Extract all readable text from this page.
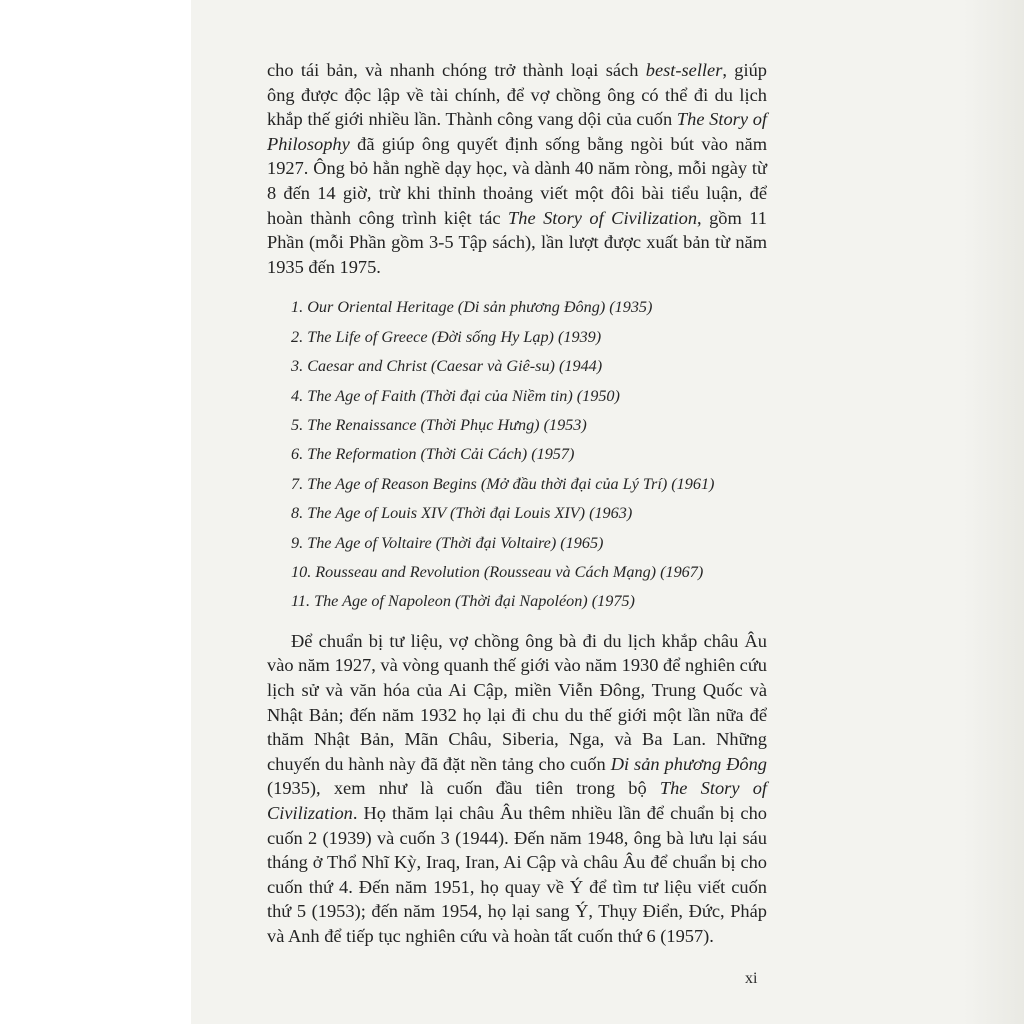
cho tái bản, và nhanh chóng trở thành loại sách best-seller, giúp ông được độc lập về tài chính, để vợ chồng ông có thể đi du lịch khắp thế giới nhiều lần. Thành công vang dội của cuốn The Story of Philosophy đã giúp ông quyết định sống bằng ngòi bút vào năm 1927. Ông bỏ hẳn nghề dạy học, và dành 40 năm ròng, mỗi ngày từ 8 đến 14 giờ, trừ khi thỉnh thoảng viết một đôi bài tiểu luận, để hoàn thành công trình kiệt tác The Story of Civilization, gồm 11 Phần (mỗi Phần gồm 3-5 Tập sách), lần lượt được xuất bản từ năm 1935 đến 1975.

1. Our Oriental Heritage (Di sản phương Đông) (1935)
2. The Life of Greece (Đời sống Hy Lạp) (1939)
3. Caesar and Christ (Caesar và Giê-su) (1944)
4. The Age of Faith (Thời đại của Niềm tin) (1950)
5. The Renaissance (Thời Phục Hưng) (1953)
6. The Reformation (Thời Cải Cách) (1957)
7. The Age of Reason Begins (Mở đầu thời đại của Lý Trí) (1961)
8. The Age of Louis XIV (Thời đại Louis XIV) (1963)
9. The Age of Voltaire (Thời đại Voltaire) (1965)
10. Rousseau and Revolution (Rousseau và Cách Mạng) (1967)
11. The Age of Napoleon (Thời đại Napoléon) (1975)

Để chuẩn bị tư liệu, vợ chồng ông bà đi du lịch khắp châu Âu vào năm 1927, và vòng quanh thế giới vào năm 1930 để nghiên cứu lịch sử và văn hóa của Ai Cập, miền Viễn Đông, Trung Quốc và Nhật Bản; đến năm 1932 họ lại đi chu du thế giới một lần nữa để thăm Nhật Bản, Mãn Châu, Siberia, Nga, và Ba Lan. Những chuyến du hành này đã đặt nền tảng cho cuốn Di sản phương Đông (1935), xem như là cuốn đầu tiên trong bộ The Story of Civilization. Họ thăm lại châu Âu thêm nhiều lần để chuẩn bị cho cuốn 2 (1939) và cuốn 3 (1944). Đến năm 1948, ông bà lưu lại sáu tháng ở Thổ Nhĩ Kỳ, Iraq, Iran, Ai Cập và châu Âu để chuẩn bị cho cuốn thứ 4. Đến năm 1951, họ quay về Ý để tìm tư liệu viết cuốn thứ 5 (1953); đến năm 1954, họ lại sang Ý, Thụy Điển, Đức, Pháp và Anh để tiếp tục nghiên cứu và hoàn tất cuốn thứ 6 (1957).

xi
